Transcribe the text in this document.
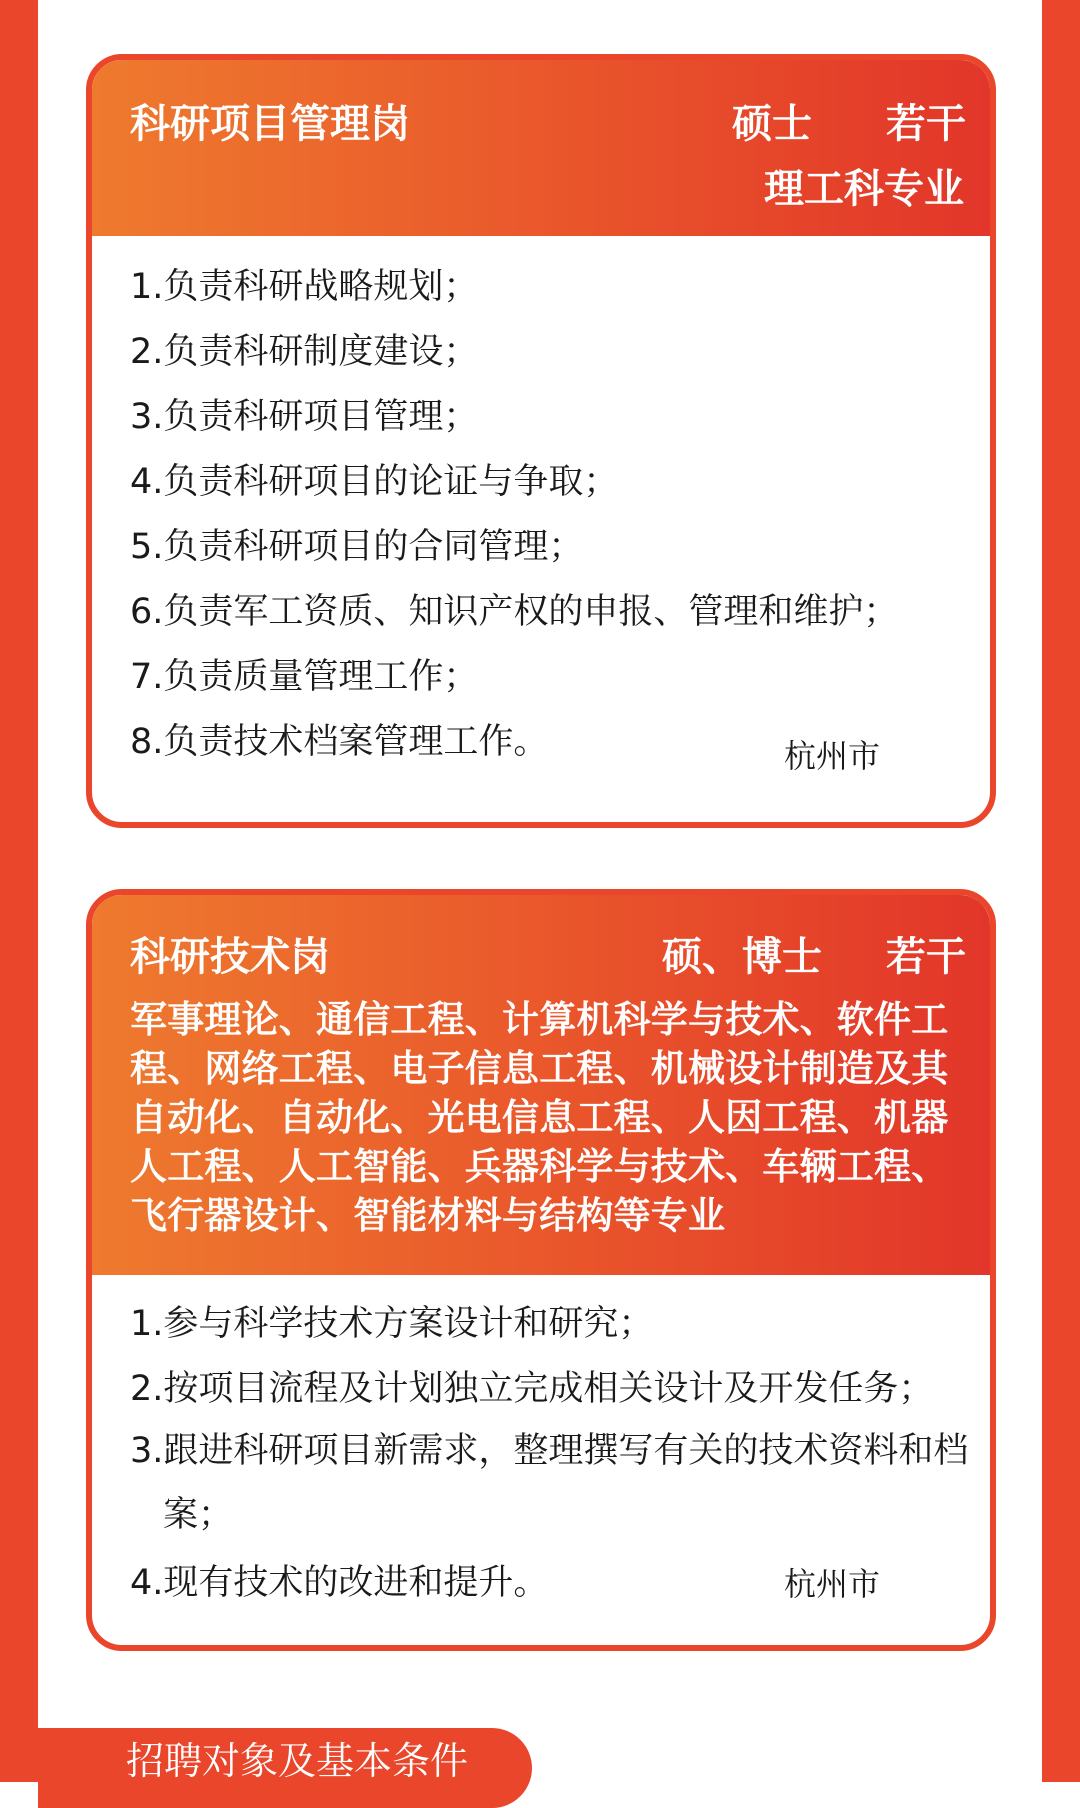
科研项目管理岗	硕士 若干
理工科专业
1.负责科研战略规划；
2.负责科研制度建设；
3.负责科研项目管理；
4.负责科研项目的论证与争取；
5.负责科研项目的合同管理；
6.负责军工资质、知识产权的申报、管理和维护；
7.负责质量管理工作；
8.负责技术档案管理工作。	杭州市
科研技术岗	硕、博士 若干
军事理论、通信工程、计算机科学与技术、软件工程、网络工程、电子信息工程、机械设计制造及其自动化、自动化、光电信息工程、人因工程、机器人工程、人工智能、兵器科学与技术、车辆工程、飞行器设计、智能材料与结构等专业
1.参与科学技术方案设计和研究；
2.按项目流程及计划独立完成相关设计及开发任务；
3.跟进科研项目新需求，整理撰写有关的技术资料和档案；
4.现有技术的改进和提升。	杭州市
招聘对象及基本条件
